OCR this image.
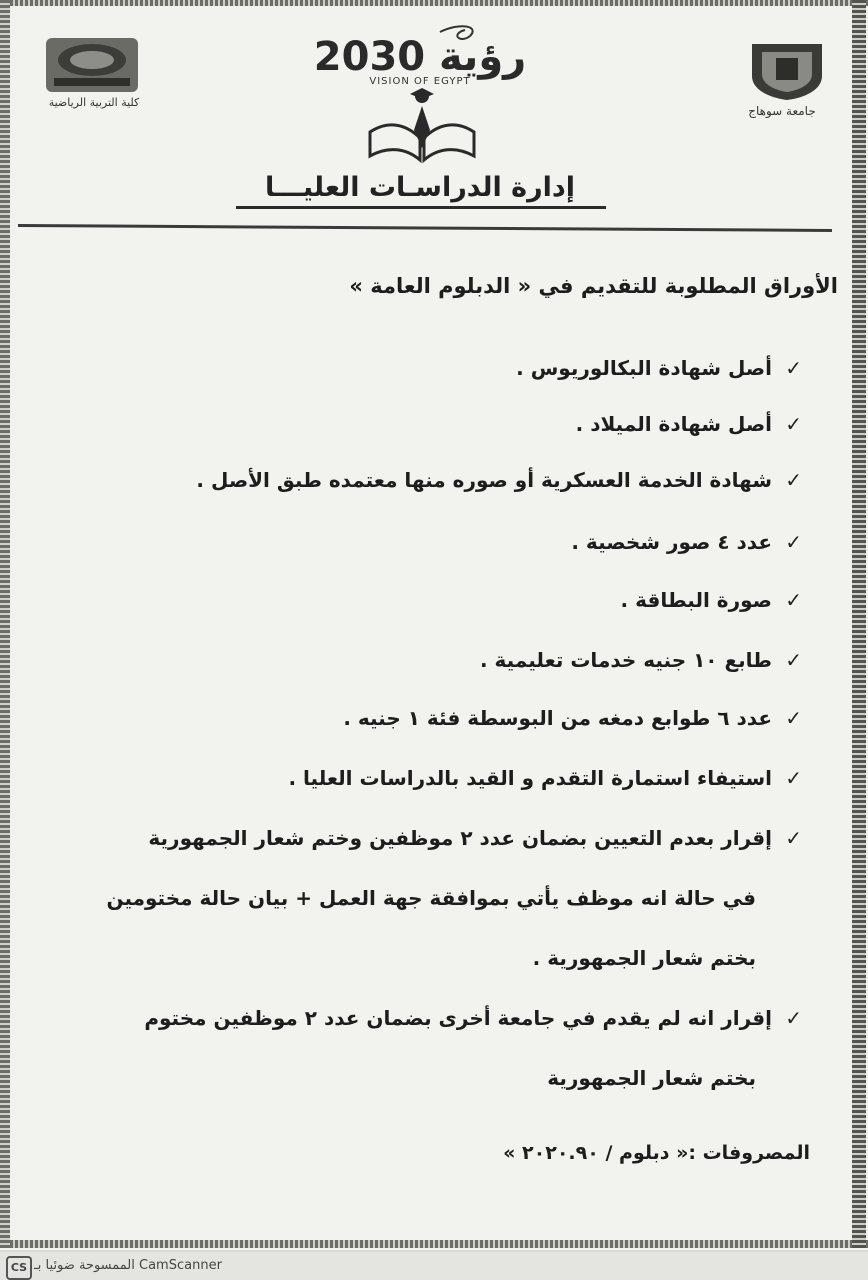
كلية التربية الرياضية
رؤية 2030
VISION OF EGYPT
جامعة سوهاج
إدارة الدراسـات العليـــا
الأوراق المطلوبة للتقديم في « الدبلوم العامة »
✓أصل شهادة البكالوريوس .
✓أصل شهادة الميلاد .
✓شهادة الخدمة العسكرية أو صوره منها معتمده طبق الأصل .
✓عدد ٤ صور شخصية .
✓صورة البطاقة .
✓طابع ١٠ جنيه خدمات تعليمية .
✓عدد ٦ طوابع دمغه من البوسطة فئة ١ جنيه .
✓استيفاء استمارة التقدم و القيد بالدراسات العليا .
✓إقرار بعدم التعيين بضمان عدد ٢ موظفين وختم شعار الجمهورية
في حالة انه موظف يأتي بموافقة جهة العمل + بيان حالة مختومين
بختم شعار الجمهورية .
✓إقرار انه لم يقدم في جامعة أخرى بضمان عدد ٢ موظفين مختوم
بختم شعار الجمهورية
المصروفات :« دبلوم / ٢٠٢٠.٩٠ »
CS CamScanner الممسوحة ضوئيا بـ
